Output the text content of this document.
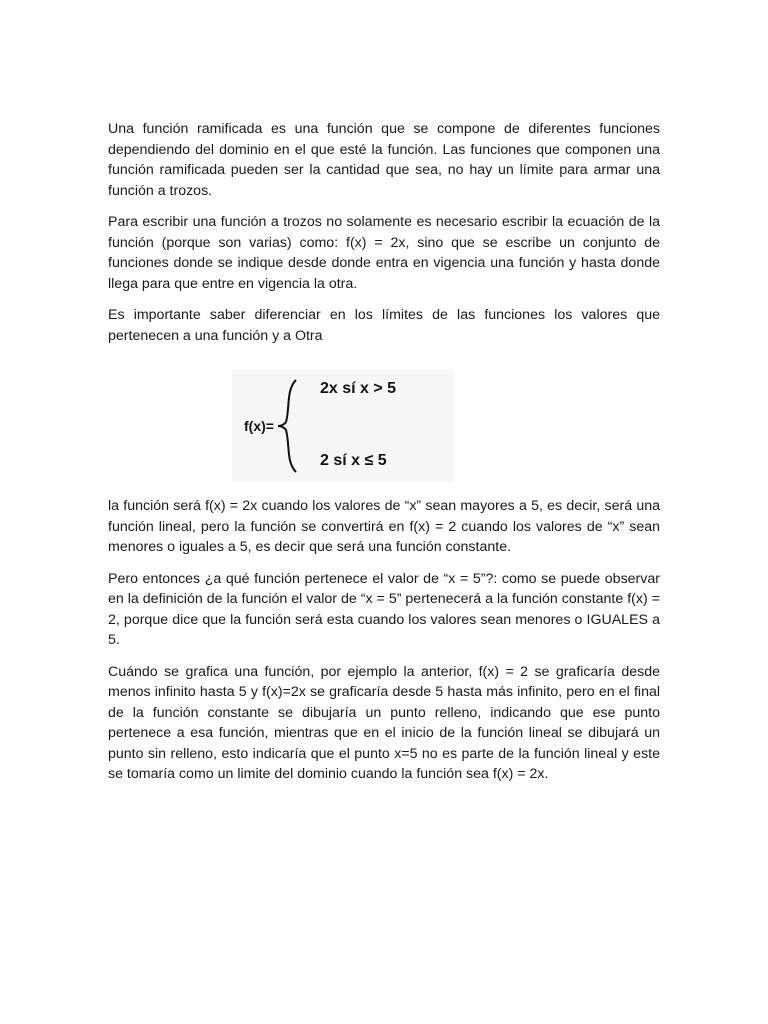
Una función ramificada es una función que se compone de diferentes funciones dependiendo del dominio en el que esté la función. Las funciones que componen una función ramificada pueden ser la cantidad que sea, no hay un límite para armar una función a trozos.

Para escribir una función a trozos no solamente es necesario escribir la ecuación de la función (porque son varias) como: f(x) = 2x, sino que se escribe un conjunto de funciones donde se indique desde donde entra en vigencia una función y hasta donde llega para que entre en vigencia la otra.

Es importante saber diferenciar en los límites de las funciones los valores que pertenecen a una función y a Otra

f(x)=
2x sí x > 5
2 sí x ≤ 5

la función será f(x) = 2x cuando los valores de “x” sean mayores a 5, es decir, será una función lineal, pero la función se convertirá en f(x) = 2 cuando los valores de “x” sean menores o iguales a 5, es decir que será una función constante.

Pero entonces ¿a qué función pertenece el valor de “x = 5”?: como se puede observar en la definición de la función el valor de “x = 5” pertenecerá a la función constante f(x) = 2, porque dice que la función será esta cuando los valores sean menores o IGUALES a 5.

Cuándo se grafica una función, por ejemplo la anterior, f(x) = 2 se graficaría desde menos infinito hasta 5 y f(x)=2x se graficaría desde 5 hasta más infinito, pero en el final de la función constante se dibujaría un punto relleno, indicando que ese punto pertenece a esa función, mientras que en el inicio de la función lineal se dibujará un punto sin relleno, esto indicaría que el punto x=5 no es parte de la función lineal y este se tomaría como un limite del dominio cuando la función sea f(x) = 2x.
